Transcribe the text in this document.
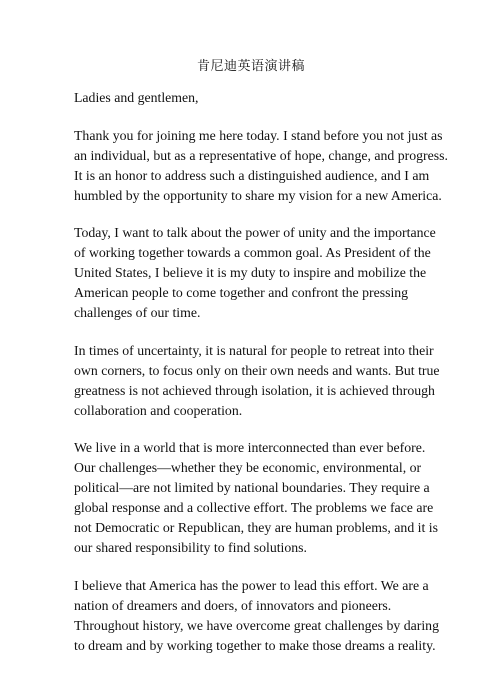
肯尼迪英语演讲稿

Ladies and gentlemen,

Thank you for joining me here today. I stand before you not just as
an individual, but as a representative of hope, change, and progress.
It is an honor to address such a distinguished audience, and I am
humbled by the opportunity to share my vision for a new America.

Today, I want to talk about the power of unity and the importance
of working together towards a common goal. As President of the
United States, I believe it is my duty to inspire and mobilize the
American people to come together and confront the pressing
challenges of our time.

In times of uncertainty, it is natural for people to retreat into their
own corners, to focus only on their own needs and wants. But true
greatness is not achieved through isolation, it is achieved through
collaboration and cooperation.

We live in a world that is more interconnected than ever before.
Our challenges—whether they be economic, environmental, or
political—are not limited by national boundaries. They require a
global response and a collective effort. The problems we face are
not Democratic or Republican, they are human problems, and it is
our shared responsibility to find solutions.

I believe that America has the power to lead this effort. We are a
nation of dreamers and doers, of innovators and pioneers.
Throughout history, we have overcome great challenges by daring
to dream and by working together to make those dreams a reality.
